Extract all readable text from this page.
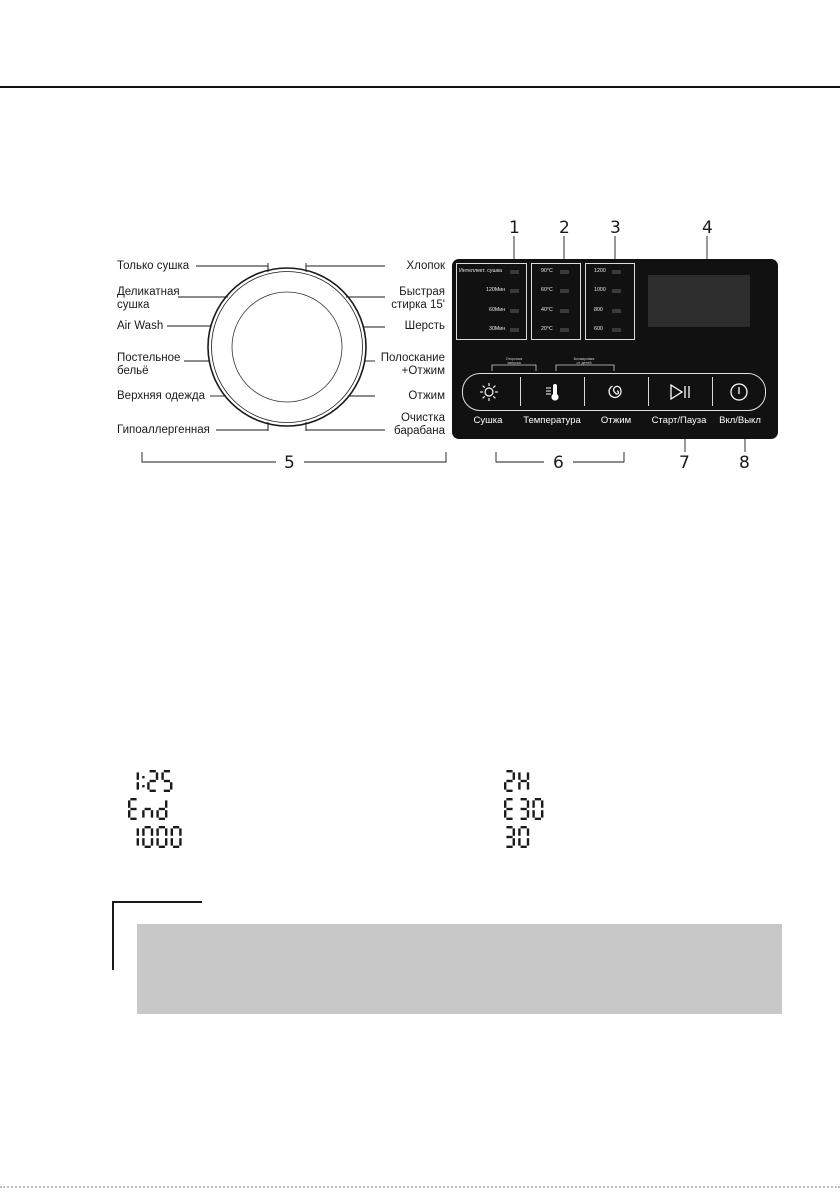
Только сушка
Деликатная
сушка
Air Wash
Постельное
бельё
Верхняя одежда
Гипоаллергенная
Хлопок
Быстрая
стирка 15'
Шерсть
Полоскание
+Отжим
Отжим
Очистка
барабана
1 2 3	4
5	6	7	8
Интеллект. сушка
120Мин
60Мин
30Мин
90°C
60°C
40°C
20°C
1200
1000
800
600
Отсрочка
запуска
Блокировка
от детей
Сушка	Температура	Отжим	Старт/Пауза	Вкл/Выкл
